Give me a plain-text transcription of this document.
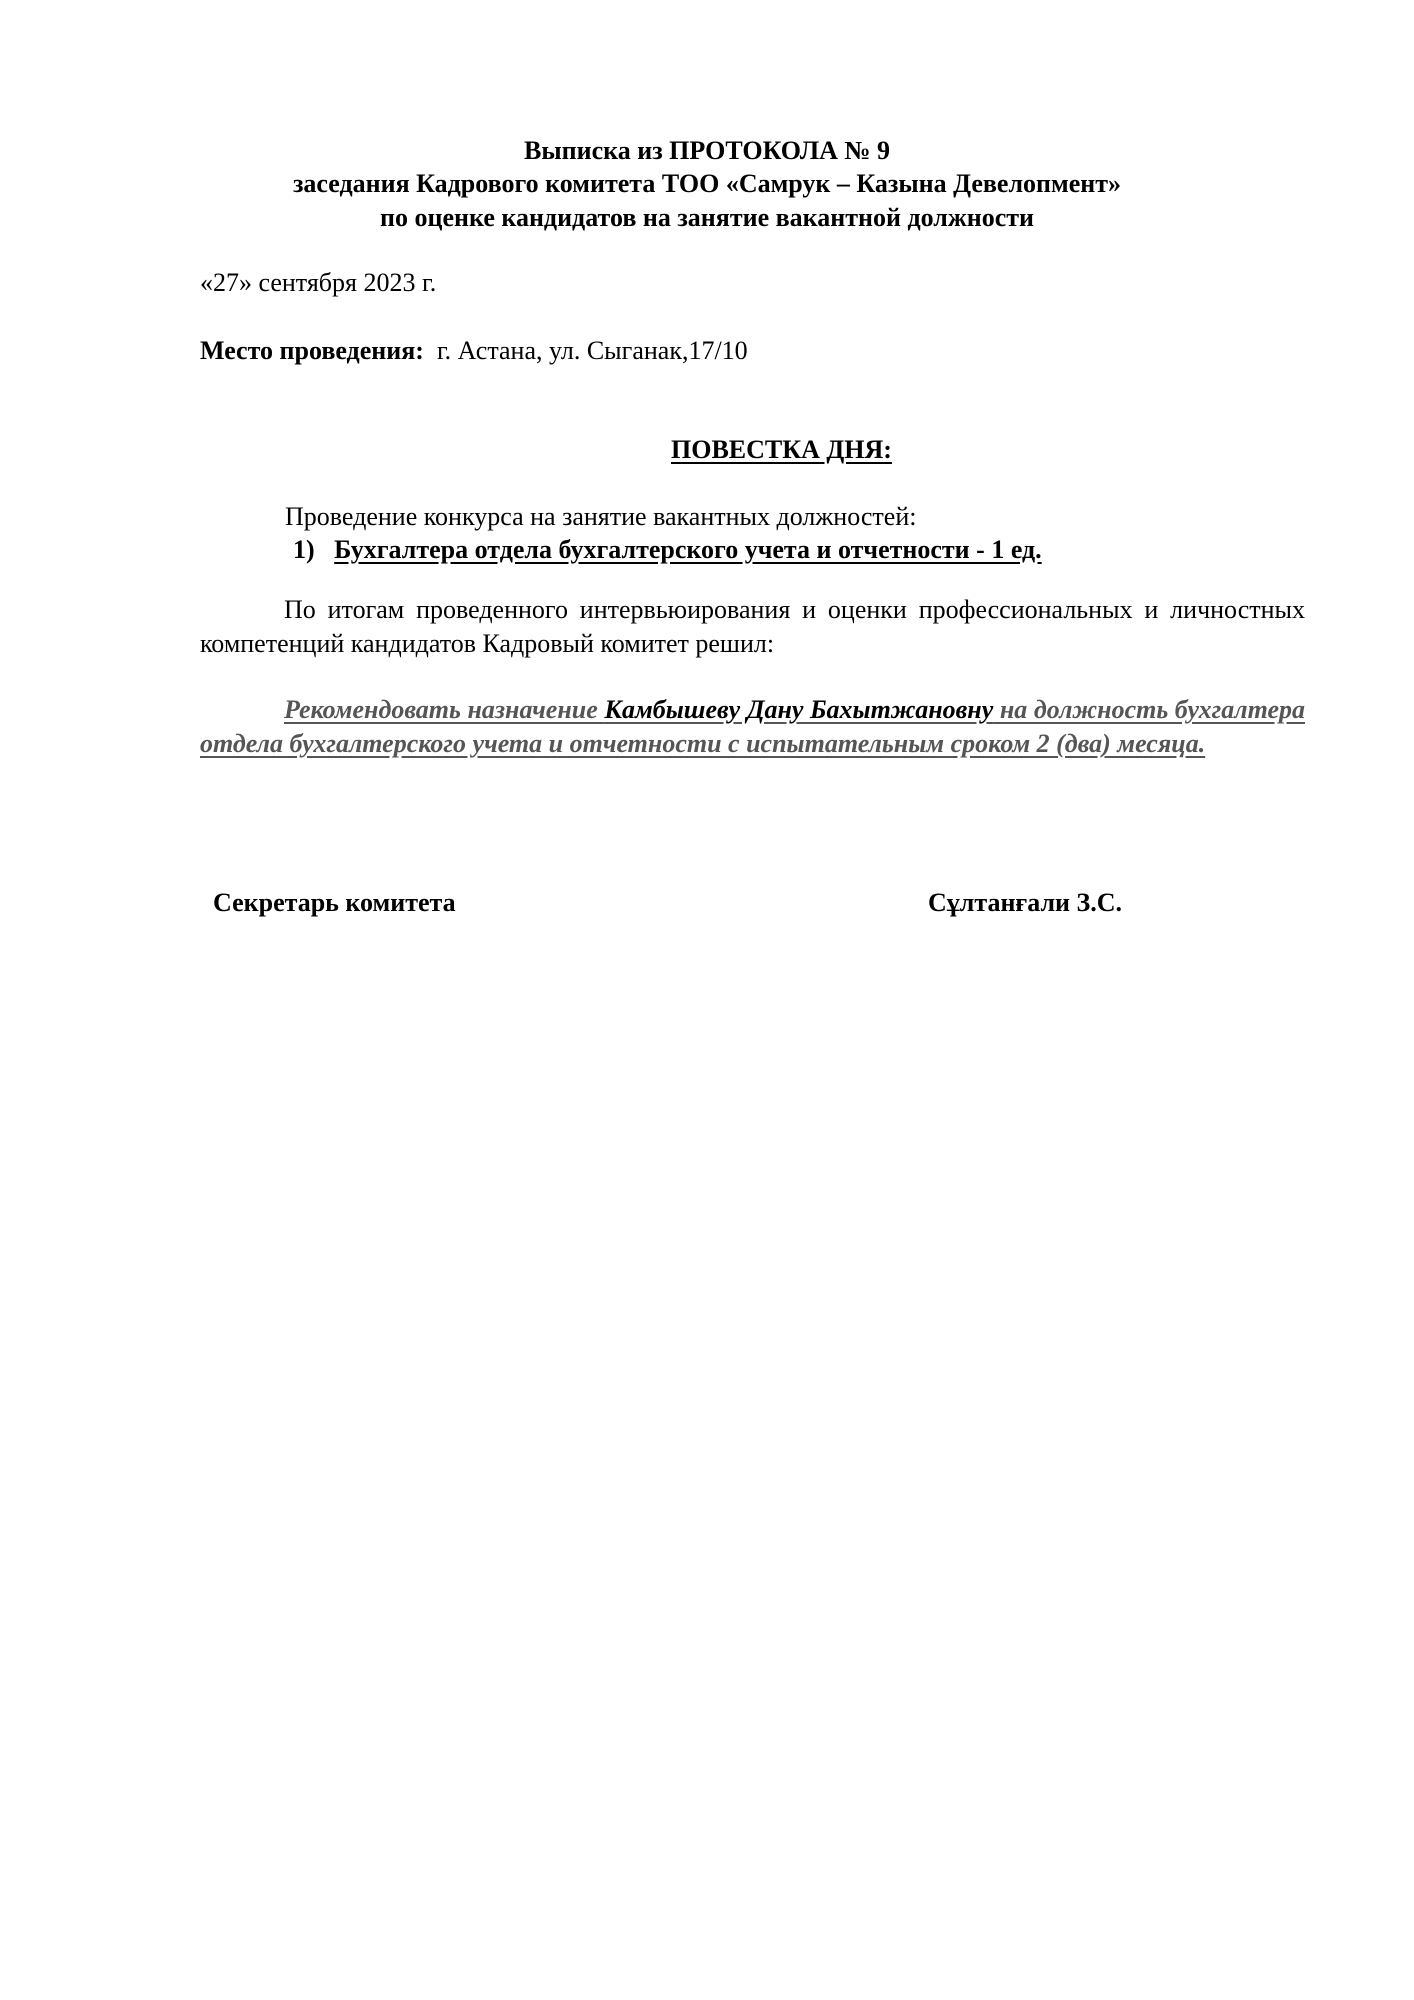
Выписка из ПРОТОКОЛА № 9
заседания Кадрового комитета ТОО «Самрук – Казына Девелопмент»
по оценке кандидатов на занятие вакантной должности
«27» сентября 2023 г.
Место проведения: г. Астана, ул. Сыганак,17/10
ПОВЕСТКА ДНЯ:
Проведение конкурса на занятие вакантных должностей:
1) Бухгалтера отдела бухгалтерского учета и отчетности - 1 ед.
По итогам проведенного интервьюирования и оценки профессиональных и личностных компетенций кандидатов Кадровый комитет решил:
Рекомендовать назначение Камбышеву Дану Бахытжановну на должность бухгалтера отдела бухгалтерского учета и отчетности с испытательным сроком 2 (два) месяца.
Секретарь комитета	Сұлтанғали З.С.
